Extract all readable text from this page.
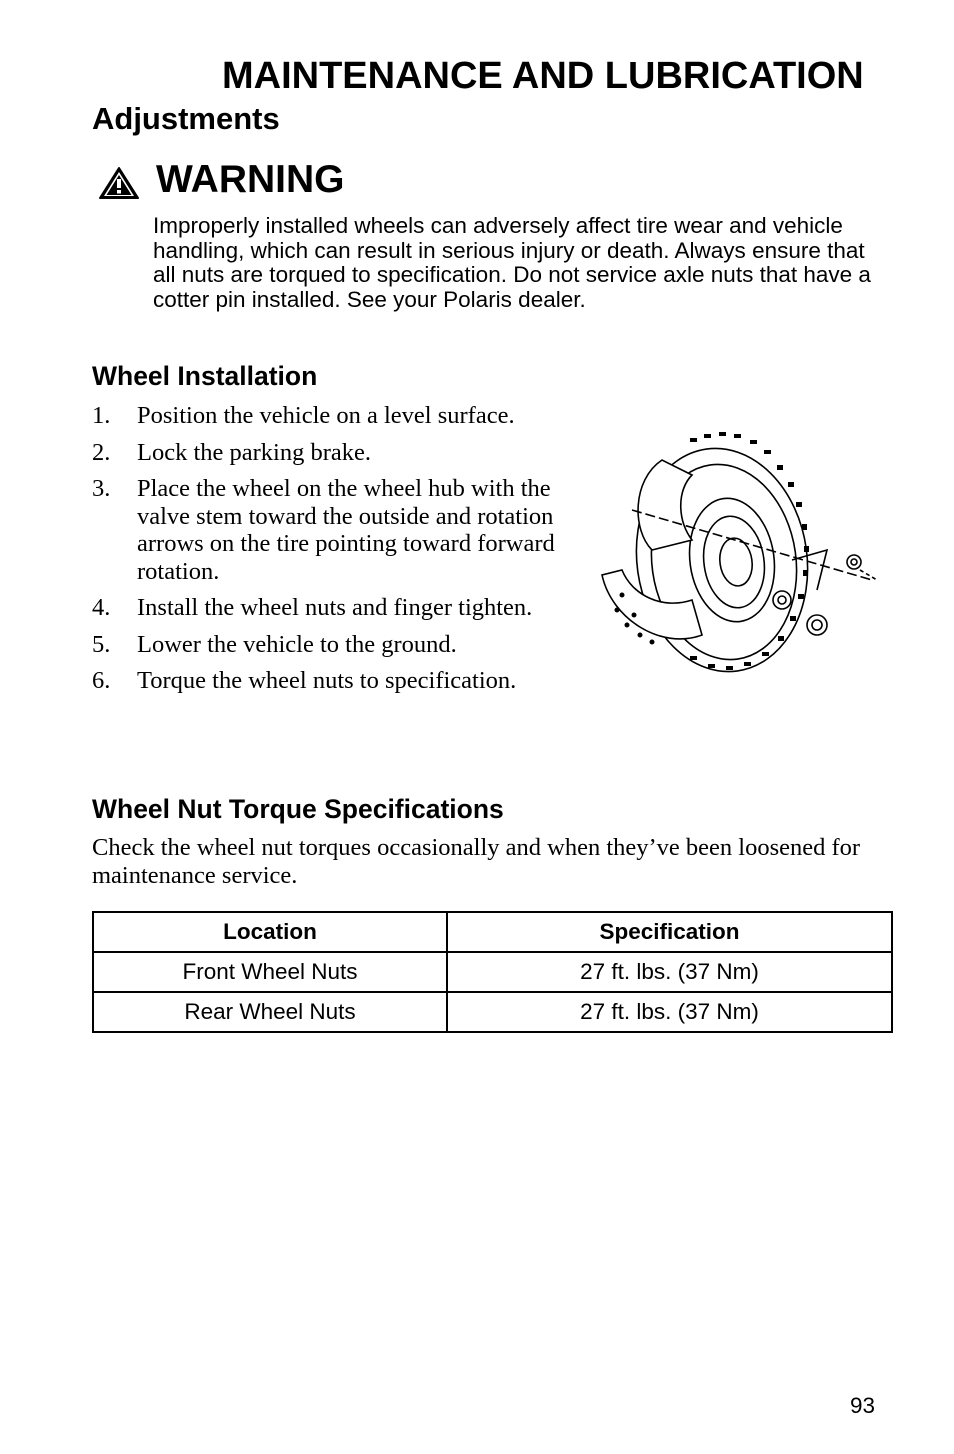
MAINTENANCE AND LUBRICATION
Adjustments
WARNING

Improperly installed wheels can adversely affect tire wear and vehicle handling, which can result in serious injury or death. Always ensure that all nuts are torqued to specification. Do not service axle nuts that have a cotter pin installed. See your Polaris dealer.

Wheel Installation
1. Position the vehicle on a level surface.
2. Lock the parking brake.
3. Place the wheel on the wheel hub with the valve stem toward the outside and rotation arrows on the tire pointing toward forward rotation.
4. Install the wheel nuts and finger tighten.
5. Lower the vehicle to the ground.
6. Torque the wheel nuts to specification.
Wheel Nut Torque Specifications
Check the wheel nut torques occasionally and when they’ve been loosened for maintenance service.
Location	Specification
Front Wheel Nuts	27 ft. lbs. (37 Nm)
Rear Wheel Nuts	27 ft. lbs. (37 Nm)
93
